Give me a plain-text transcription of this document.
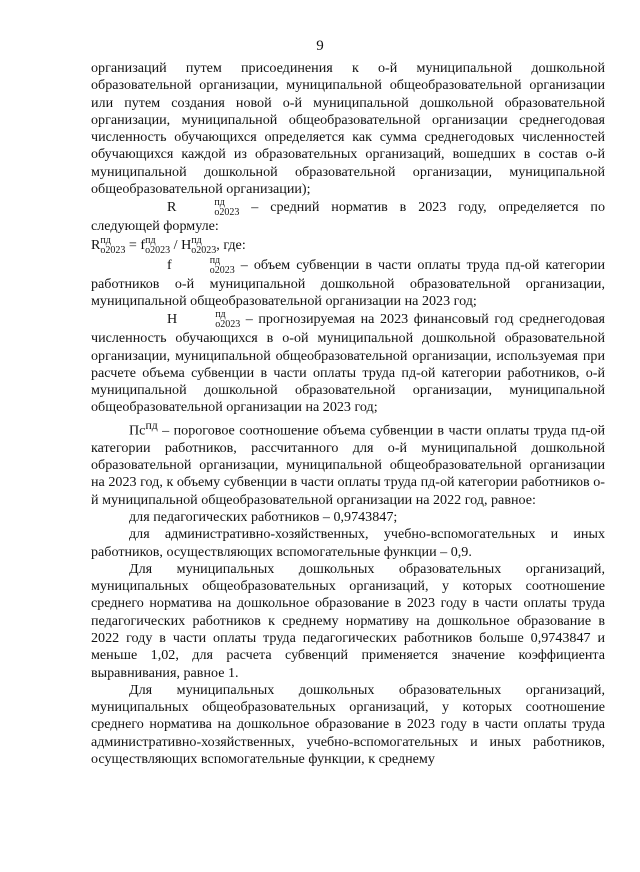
9

организаций путем присоединения к о-й муниципальной дошкольной образовательной организации, муниципальной общеобразовательной организации или путем создания новой о-й муниципальной дошкольной образовательной организации, муниципальной общеобразовательной организации среднегодовая численность обучающихся определяется как сумма среднегодовых численностей обучающихся каждой из образовательных организаций, вошедших в состав о-й муниципальной дошкольной образовательной организации, муниципальной общеобразовательной организации);

R	пд
о2023 – средний норматив в 2023 году, определяется по следующей формуле:

R пд
о2023 = f пд
о2023 / Н пд
о2023 , где:

f	пд
о2023 – объем субвенции в части оплаты труда пд-ой категории работников о-й муниципальной дошкольной образовательной организации, муниципальной общеобразовательной организации на 2023 год;

Н	пд
о2023 – прогнозируемая на 2023 финансовый год среднегодовая численность обучающихся в о-ой муниципальной дошкольной образовательной организации, муниципальной общеобразовательной организации, используемая при расчете объема субвенции в части оплаты труда пд-ой категории работников, о-й муниципальной дошкольной образовательной организации, муниципальной общеобразовательной организации на 2023 год;

$Пс^{пд}$ – пороговое соотношение объема субвенции в части оплаты труда пд-ой категории работников, рассчитанного для о-й муниципальной дошкольной образовательной организации, муниципальной общеобразовательной организации на 2023 год, к объему субвенции в части оплаты труда пд-ой категории работников о-й муниципальной общеобразовательной организации на 2022 год, равное:

для педагогических работников – 0,9743847;

для административно-хозяйственных, учебно-вспомогательных и иных работников, осуществляющих вспомогательные функции – 0,9.

Для муниципальных дошкольных образовательных организаций, муниципальных общеобразовательных организаций, у которых соотношение среднего норматива на дошкольное образование в 2023 году в части оплаты труда педагогических работников к среднему нормативу на дошкольное образование в 2022 году в части оплаты труда педагогических работников больше 0,9743847 и меньше 1,02, для расчета субвенций применяется значение коэффициента выравнивания, равное 1.

Для муниципальных дошкольных образовательных организаций, муниципальных общеобразовательных организаций, у которых соотношение среднего норматива на дошкольное образование в 2023 году в части оплаты труда административно-хозяйственных, учебно-вспомогательных и иных работников, осуществляющих вспомогательные функции, к среднему
